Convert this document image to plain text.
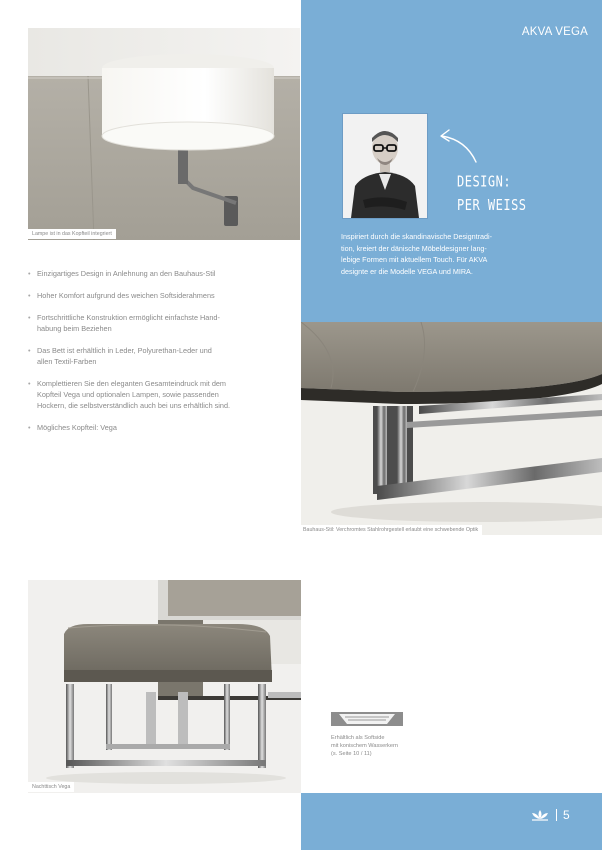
AKVA VEGA
Lampe ist in das Kopfteil integriert
DESIGN:
PER WEISS
Inspiriert durch die skandinavische Designtradi-
tion, kreiert der dänische Möbeldesigner lang-
lebige Formen mit aktuellem Touch. Für AKVA
designte er die Modelle VEGA und MIRA.
• Einzigartiges Design in Anlehnung an den Bauhaus-Stil
• Hoher Komfort aufgrund des weichen Softsiderahmens
• Fortschrittliche Konstruktion ermöglicht einfachste Hand-
habung beim Beziehen
• Das Bett ist erhältlich in Leder, Polyurethan-Leder und
allen Textil-Farben
• Komplettieren Sie den eleganten Gesamteindruck mit dem
Kopfteil Vega und optionalen Lampen, sowie passenden
Hockern, die selbstverständlich auch bei uns erhältlich sind.
• Mögliches Kopfteil: Vega
Bauhaus-Stil: Verchromtes Stahlrohrgestell erlaubt eine schwebende Optik
Nachttisch Vega
Erhältlich als Softside
mit konischem Wasserkern
(s. Seite 10 / 11)
5
